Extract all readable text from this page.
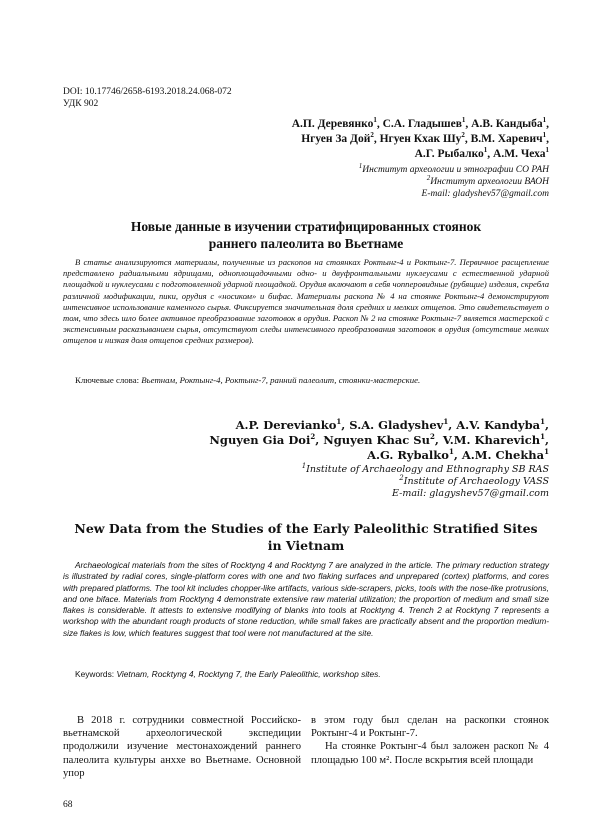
DOI: 10.17746/2658-6193.2018.24.068-072
УДК 902
А.П. Деревянко$^1$, С.А. Гладышев$^1$, А.В. Кандыба$^1$,
Нгуен За Дой$^2$, Нгуен Кхак $Шу^2$, В.М. Харевич$^1$,
А.Г. Рыбалко$^1$, А.М. Чеха$^1$
$^1$Институт археологии и этнографии СО РАН
$^2$Институт археологии ВАОН
E-mail: gladyshev57@gmail.com
Новые данные в изучении стратифицированных стоянок
раннего палеолита во Вьетнаме
В статье анализируются материалы, полученные из раскопов на стоянках Роктынг-4 и Роктынг-7. Первичное расщепление представлено радиальными ядрищами, одноплощадочными одно- и двуфронтальными нуклеусами с естественной ударной площадкой и нуклеусами с подготовленной ударной площадкой. Орудия включают в себя чопперовидные (рубящие) изделия, скребла различной модификации, пики, орудия с «носиком» и бифас. Материалы раскопа № 4 на стоянке Роктынг-4 демонстрируют интенсивное использование каменного сырья. Фиксируется значительная доля средних и мелких отщепов. Это свидетельствует о том, что здесь шло более активное преобразование заготовок в орудия. Раскоп № 2 на стоянке Роктынг-7 является мастерской с экстенсивным расказыванием сырья, отсутствуют следы интенсивного преобразования заготовок в орудия (отсутствие мелких отщепов и низкая доля отщепов средних размеров).
Ключевые слова: Вьетнам, Роктынг-4, Роктынг-7, ранний палеолит, стоянки-мастерские.
A.P. Derevianko$^1$, S.A. Gladyshev$^1$, A.V. Kandyba$^1$,
Nguyen Gia Doi$^2$, Nguyen Khac Su$^2$, V.M. Kharevich$^1$,
A.G. Rybalko$^1$, A.M. Chekha$^1$
$^1$Institute of Archaeology and Ethnography SB RAS
$^2$Institute of Archaeology VASS
E-mail: glagyshev57@gmail.com
New Data from the Studies of the Early Paleolithic Stratified Sites
in Vietnam
Archaeological materials from the sites of Rocktyng 4 and Rocktyng 7 are analyzed in the article. The primary reduction strategy is illustrated by radial cores, single-platform cores with one and two flaking surfaces and unprepared (cortex) platforms, and cores with prepared platforms. The tool kit includes chopper-like artifacts, various side-scrapers, picks, tools with the nose-like protrusions, and one biface. Materials from Rocktyng 4 demonstrate extensive raw material utilization; the proportion of medium and small size flakes is considerable. It attests to extensive modifying of blanks into tools at Rocktyng 4. Trench 2 at Rocktyng 7 represents a workshop with the abundant rough products of stone reduction, while small fakes are practically absent and the proportion medium-size flakes is low, which features suggest that tool were not manufactured at the site.
Keywords: Vietnam, Rocktyng 4, Rocktyng 7, the Early Paleolithic, workshop sites.

В 2018 г. сотрудники совместной Российско-вьетнамской археологической экспедиции продолжили изучение местонахождений раннего палеолита культуры анххе во Вьетнаме. Основной упор

в этом году был сделан на раскопки стоянок Роктынг-4 и Роктынг-7.

На стоянке Роктынг-4 был заложен раскоп № 4 площадью 100 м². После вскрытия всей площади

68
